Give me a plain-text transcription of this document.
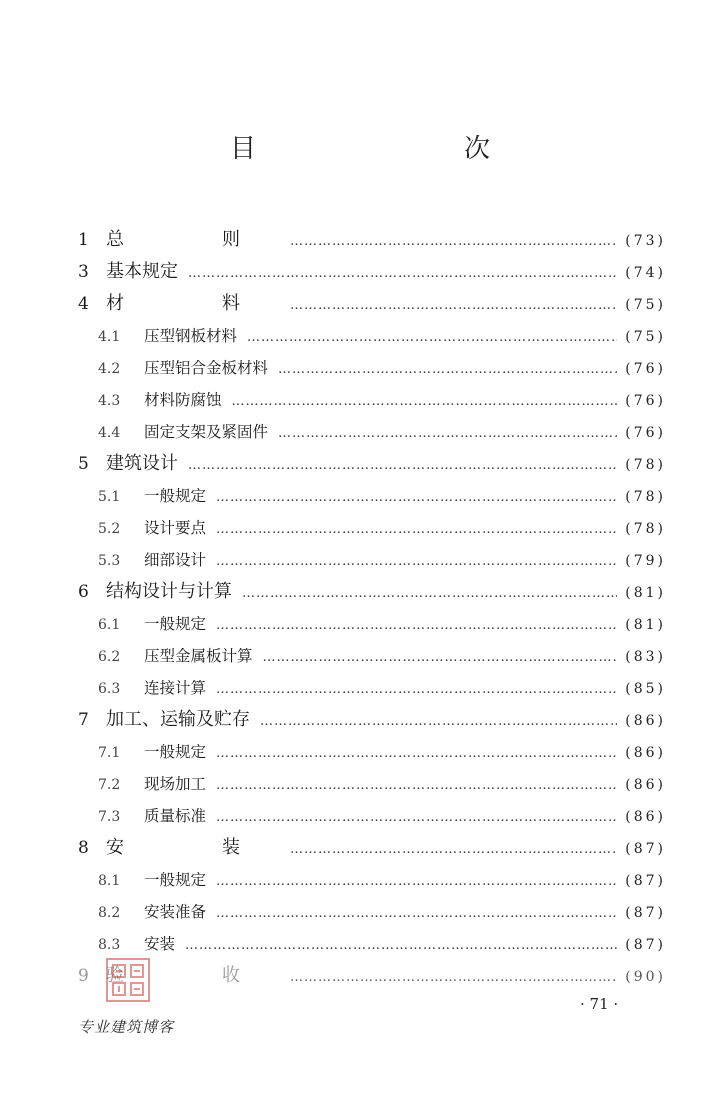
目　　次
1 总　则 ……………………………………………………………………………………………………………………………………………………	(73)
3 基本规定 ……………………………………………………………………………………………………………………………………………………	(74)
4 材　料 ……………………………………………………………………………………………………………………………………………………	(75)
4.1	压型钢板材料 ……………………………………………………………………………………………………………………………………………………	(75)
4.2	压型铝合金板材料 ……………………………………………………………………………………………………………………………………………………	(76)
4.3	材料防腐蚀 ……………………………………………………………………………………………………………………………………………………	(76)
4.4	固定支架及紧固件 ……………………………………………………………………………………………………………………………………………………	(76)
5 建筑设计 ……………………………………………………………………………………………………………………………………………………	(78)
5.1	一般规定 ……………………………………………………………………………………………………………………………………………………	(78)
5.2	设计要点 ……………………………………………………………………………………………………………………………………………………	(78)
5.3	细部设计 ……………………………………………………………………………………………………………………………………………………	(79)
6 结构设计与计算 ……………………………………………………………………………………………………………………………………………………	(81)
6.1	一般规定 ……………………………………………………………………………………………………………………………………………………	(81)
6.2	压型金属板计算 ……………………………………………………………………………………………………………………………………………………	(83)
6.3	连接计算 ……………………………………………………………………………………………………………………………………………………	(85)
7 加工、运输及贮存 ……………………………………………………………………………………………………………………………………………………	(86)
7.1	一般规定 ……………………………………………………………………………………………………………………………………………………	(86)
7.2	现场加工 ……………………………………………………………………………………………………………………………………………………	(86)
7.3	质量标准 ……………………………………………………………………………………………………………………………………………………	(86)
8 安　装 ……………………………………………………………………………………………………………………………………………………	(87)
8.1	一般规定 ……………………………………………………………………………………………………………………………………………………	(87)
8.2	安装准备 ……………………………………………………………………………………………………………………………………………………	(87)
8.3	安装 ……………………………………………………………………………………………………………………………………………………	(87)
9 验　收 ……………………………………………………………………………………………………………………………………………………	(90)
· 71 ·
专业建筑博客
